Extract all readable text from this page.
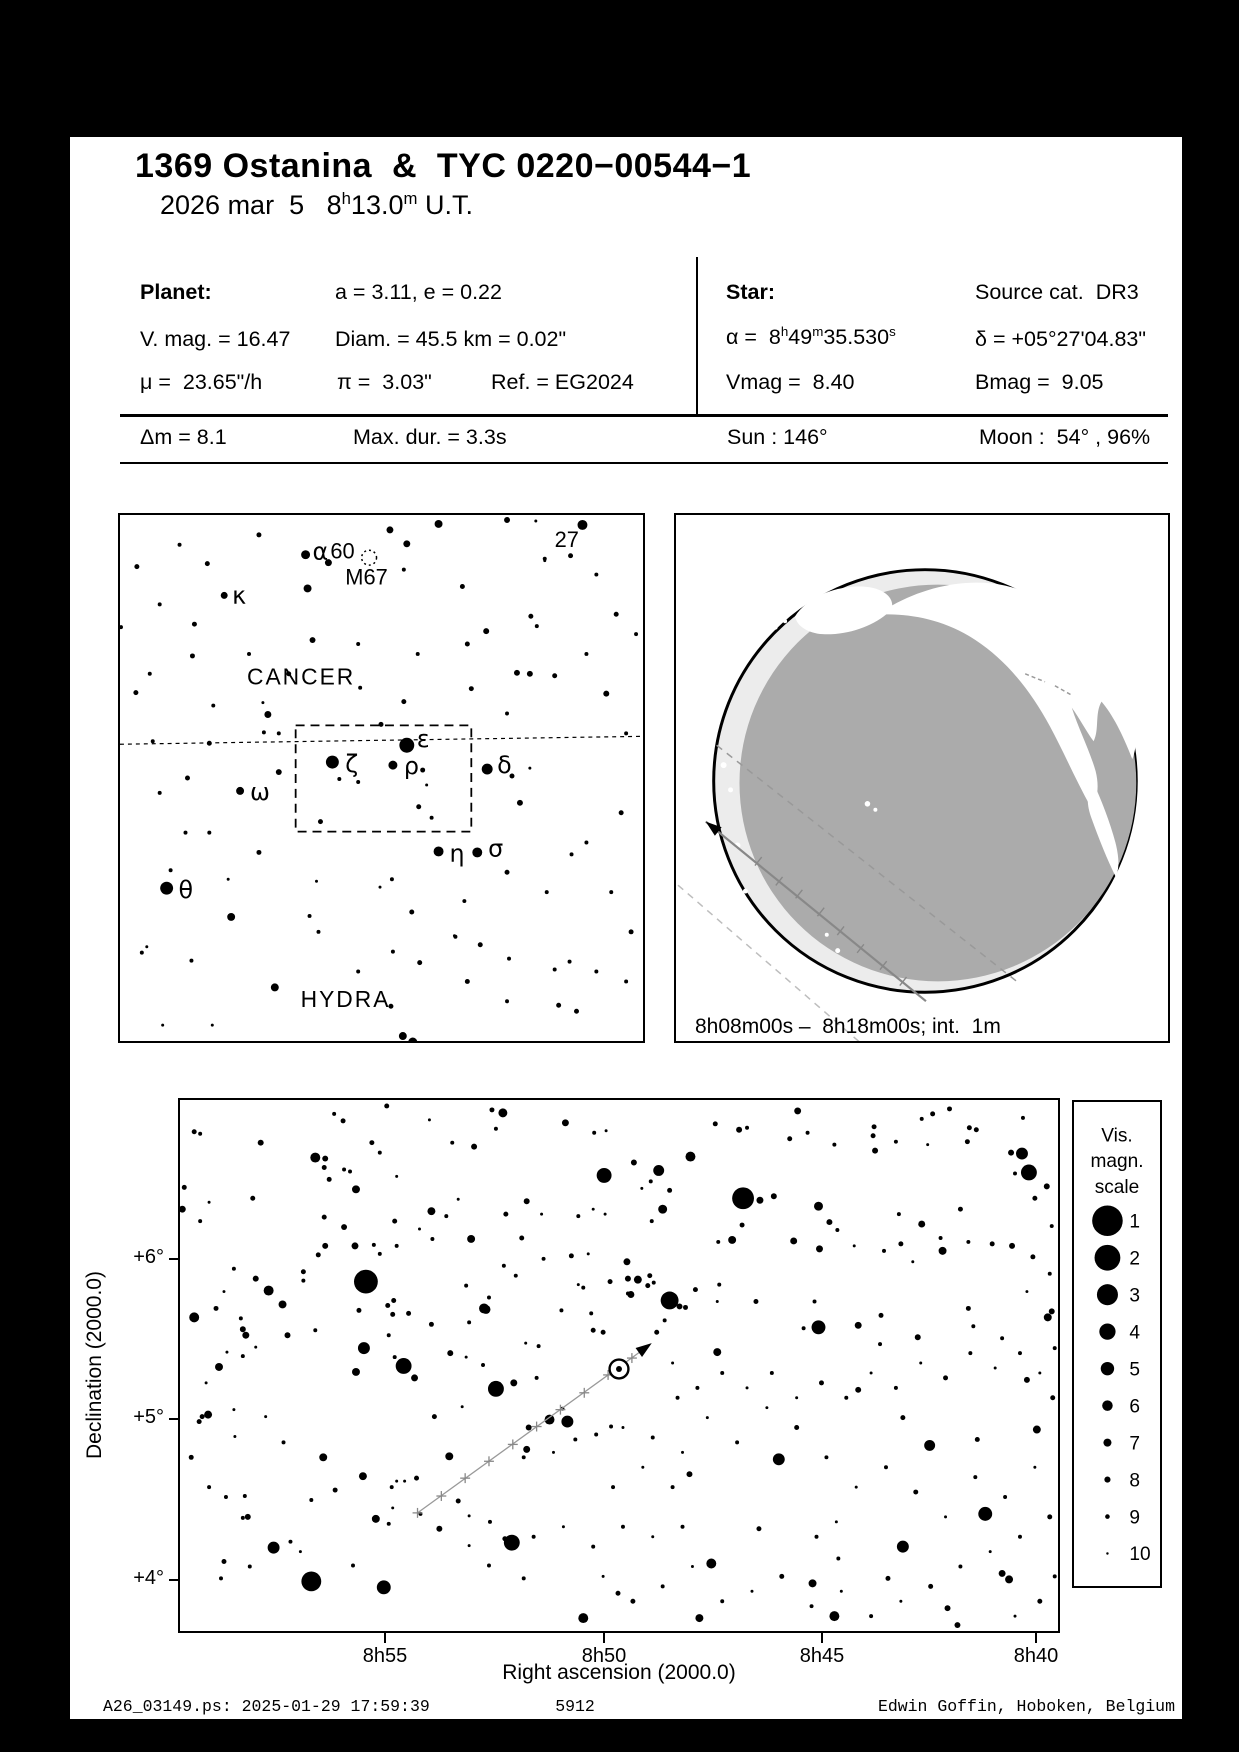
1369 Ostanina  &  TYC 0220−00544−1
2026 mar  5   8$^h$13.0$^m$ U.T.
Planet:	a = 3.11, e = 0.22
V. mag. = 16.47 Diam. = 45.5 km = 0.02"
μ =  23.65"/h	π =  3.03"	Ref. = EG2024
Star:	Source cat.  DR3
α =  8$^h$49$^m$35.530$^s$	δ = +05°27'04.83"
Vmag =  8.40	Bmag =  9.05
Δm = 8.1	Max. dur. = 3.3s	Sun : 146°	Moon :  54° , 96%
α 60
M67
κ
27
ζ ρ
ε
δ
ω
η σ
θ
CANCER
HYDRA
8h08m00s –  8h18m00s; int.  1m
Vis.
magn.
scale
1
2
3
4
5
6
7
8
9
10
8h55	8h50	8h45	8h40
+6°
+5°
+4°
Right ascension (2000.0)
Declination (2000.0)
A26_03149.ps: 2025-01-29 17:59:39	5912	Edwin Goffin, Hoboken, Belgium
